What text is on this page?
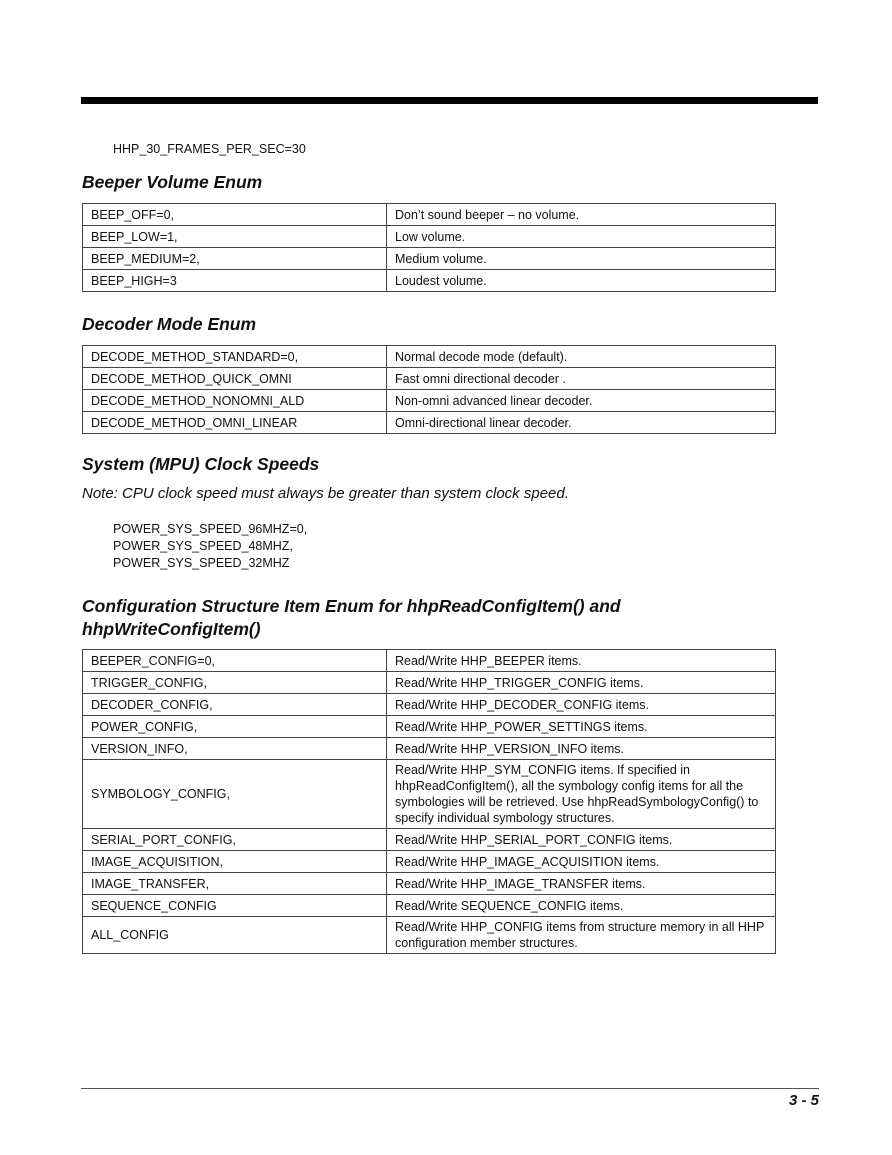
HHP_30_FRAMES_PER_SEC=30
Beeper Volume Enum
BEEP_OFF=0,	Don’t sound beeper – no volume.
BEEP_LOW=1,	Low volume.
BEEP_MEDIUM=2,	Medium volume.
BEEP_HIGH=3	Loudest volume.
Decoder Mode Enum
DECODE_METHOD_STANDARD=0,	Normal decode mode (default).
DECODE_METHOD_QUICK_OMNI	Fast omni directional decoder .
DECODE_METHOD_NONOMNI_ALD	Non-omni advanced linear decoder.
DECODE_METHOD_OMNI_LINEAR	Omni-directional linear decoder.
System (MPU) Clock Speeds
Note: CPU clock speed must always be greater than system clock speed.
POWER_SYS_SPEED_96MHZ=0,
POWER_SYS_SPEED_48MHZ,
POWER_SYS_SPEED_32MHZ
Configuration Structure Item Enum for hhpReadConfigItem() and
hhpWriteConfigItem()
BEEPER_CONFIG=0,	Read/Write HHP_BEEPER items.
TRIGGER_CONFIG,	Read/Write HHP_TRIGGER_CONFIG items.
DECODER_CONFIG,	Read/Write HHP_DECODER_CONFIG items.
POWER_CONFIG,	Read/Write HHP_POWER_SETTINGS items.
VERSION_INFO,	Read/Write HHP_VERSION_INFO items.
SYMBOLOGY_CONFIG,	Read/Write HHP_SYM_CONFIG items. If specified in hhpReadConfigItem(), all the symbology config items for all the symbologies will be retrieved. Use hhpReadSymbologyConfig() to specify individual symbology structures.
SERIAL_PORT_CONFIG,	Read/Write HHP_SERIAL_PORT_CONFIG items.
IMAGE_ACQUISITION,	Read/Write HHP_IMAGE_ACQUISITION items.
IMAGE_TRANSFER,	Read/Write HHP_IMAGE_TRANSFER items.
SEQUENCE_CONFIG	Read/Write SEQUENCE_CONFIG items.
ALL_CONFIG	Read/Write HHP_CONFIG items from structure memory in all HHP configuration member structures.
3 - 5
